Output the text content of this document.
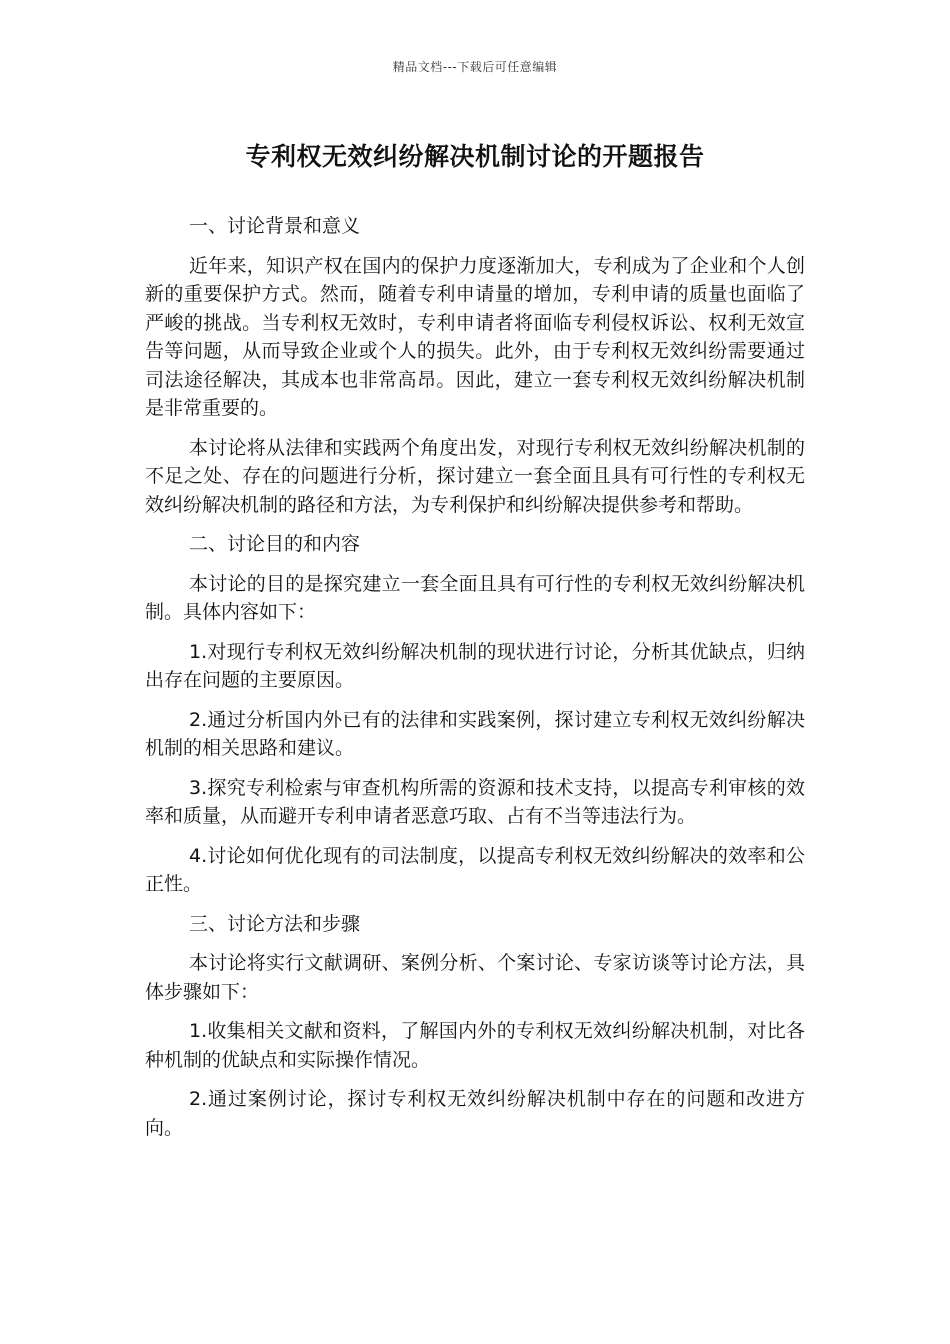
精品文档---下载后可任意编辑
专利权无效纠纷解决机制讨论的开题报告
一、讨论背景和意义

近年来，知识产权在国内的保护力度逐渐加大，专利成为了企业和个人创新的重要保护方式。然而，随着专利申请量的增加，专利申请的质量也面临了严峻的挑战。当专利权无效时，专利申请者将面临专利侵权诉讼、权利无效宣告等问题，从而导致企业或个人的损失。此外，由于专利权无效纠纷需要通过司法途径解决，其成本也非常高昂。因此，建立一套专利权无效纠纷解决机制是非常重要的。

本讨论将从法律和实践两个角度出发，对现行专利权无效纠纷解决机制的不足之处、存在的问题进行分析，探讨建立一套全面且具有可行性的专利权无效纠纷解决机制的路径和方法，为专利保护和纠纷解决提供参考和帮助。

二、讨论目的和内容

本讨论的目的是探究建立一套全面且具有可行性的专利权无效纠纷解决机制。具体内容如下：

1.对现行专利权无效纠纷解决机制的现状进行讨论，分析其优缺点，归纳出存在问题的主要原因。

2.通过分析国内外已有的法律和实践案例，探讨建立专利权无效纠纷解决机制的相关思路和建议。

3.探究专利检索与审查机构所需的资源和技术支持，以提高专利审核的效率和质量，从而避开专利申请者恶意巧取、占有不当等违法行为。

4.讨论如何优化现有的司法制度，以提高专利权无效纠纷解决的效率和公正性。

三、讨论方法和步骤

本讨论将实行文献调研、案例分析、个案讨论、专家访谈等讨论方法，具体步骤如下：

1.收集相关文献和资料，了解国内外的专利权无效纠纷解决机制，对比各种机制的优缺点和实际操作情况。

2.通过案例讨论，探讨专利权无效纠纷解决机制中存在的问题和改进方向。
